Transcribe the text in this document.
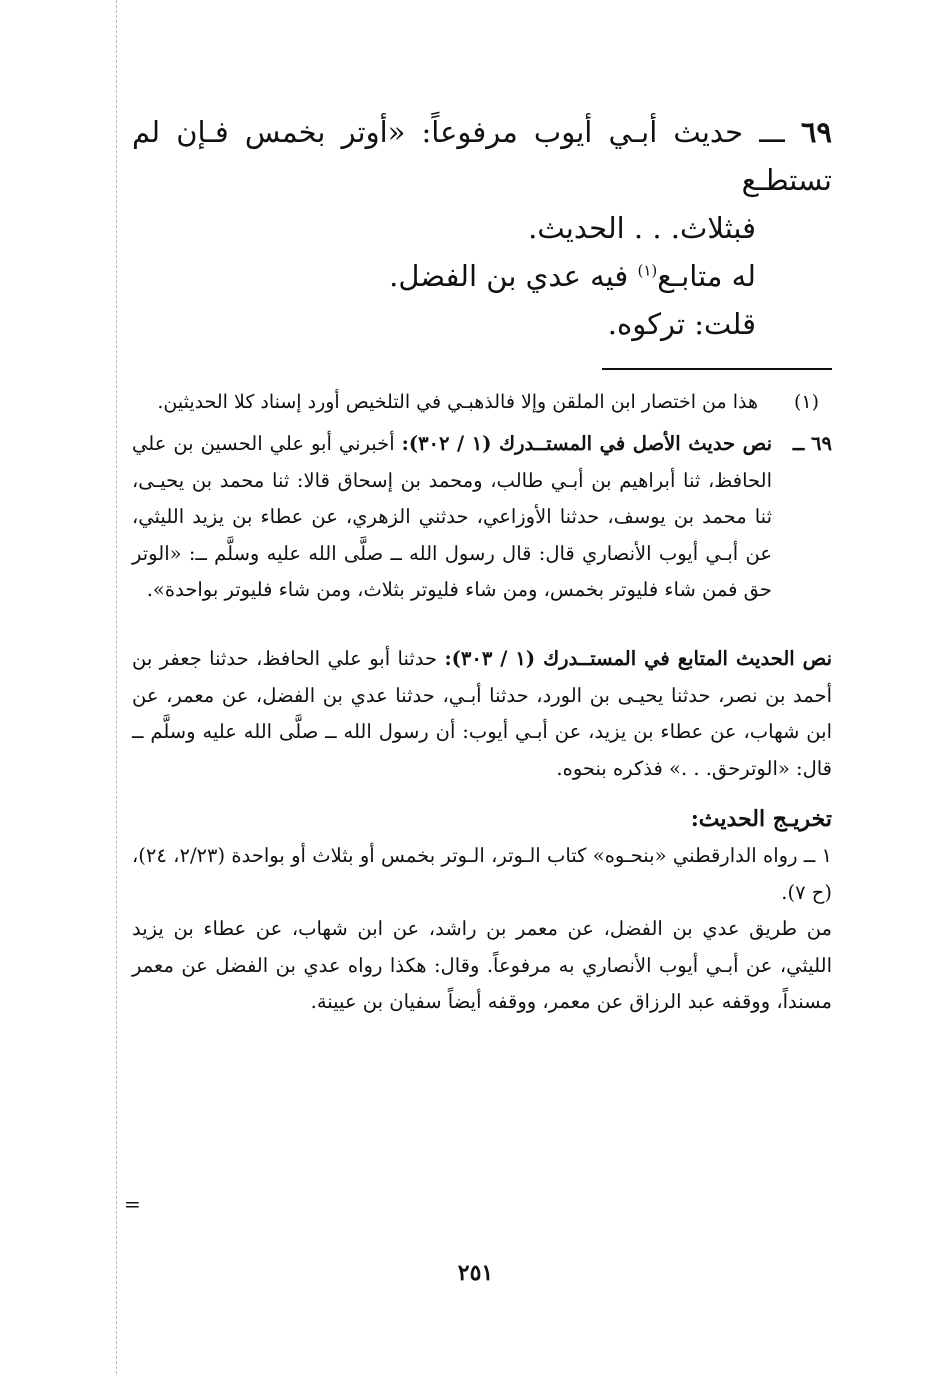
٦٩ ـــ حديث أبـي أيوب مرفوعاً: «أوتر بخمس فـإن لم تستطـع
فبثلاث. . . الحديث.
له متابـع$^{(١)}$ فيه عدي بن الفضل.
قلت: تركوه.
(١)
هذا من اختصار ابن الملقن وإلا فالذهبـي في التلخيص أورد إسناد كلا الحديثين.
٦٩ ــ
نص حديث الأصل في المستــدرك (١ / ٣٠٢): أخبرني أبو علي الحسين بن علي الحافظ، ثنا أبراهيم بن أبـي طالب، ومحمد بن إسحاق قالا: ثنا محمد بن يحيـى، ثنا محمد بن يوسف، حدثنا الأوزاعي، حدثني الزهري، عن عطاء بن يزيد الليثي، عن أبـي أيوب الأنصاري قال: قال رسول الله ــ صلَّى الله عليه وسلَّم ــ: «الوتر حق فمن شاء فليوتر بخمس، ومن شاء فليوتر بثلاث، ومن شاء فليوتر بواحدة».
نص الحديث المتابع في المستــدرك (١ / ٣٠٣): حدثنا أبو علي الحافظ، حدثنا جعفر بن أحمد بن نصر، حدثنا يحيـى بن الورد، حدثنا أبـي، حدثنا عدي بن الفضل، عن معمر، عن ابن شهاب، عن عطاء بن يزيد، عن أبـي أيوب: أن رسول الله ــ صلَّى الله عليه وسلَّم ــ قال: «الوترحق. . .» فذكره بنحوه.
تخريـج الحديث:
١ ــ رواه الدارقطني «بنحـوه» كتاب الـوتر، الـوتر بخمس أو بثلاث أو بواحدة (٢/٢٣، ٢٤)، (ح ٧).
من طريق عدي بن الفضل، عن معمر بن راشد، عن ابن شهاب، عن عطاء بن يزيد الليثي، عن أبـي أيوب الأنصاري به مرفوعاً. وقال: هكذا رواه عدي بن الفضل عن معمر مسنداً، ووقفه عبد الرزاق عن معمر، ووقفه أيضاً سفيان بن عيينة.
=
٢٥١
